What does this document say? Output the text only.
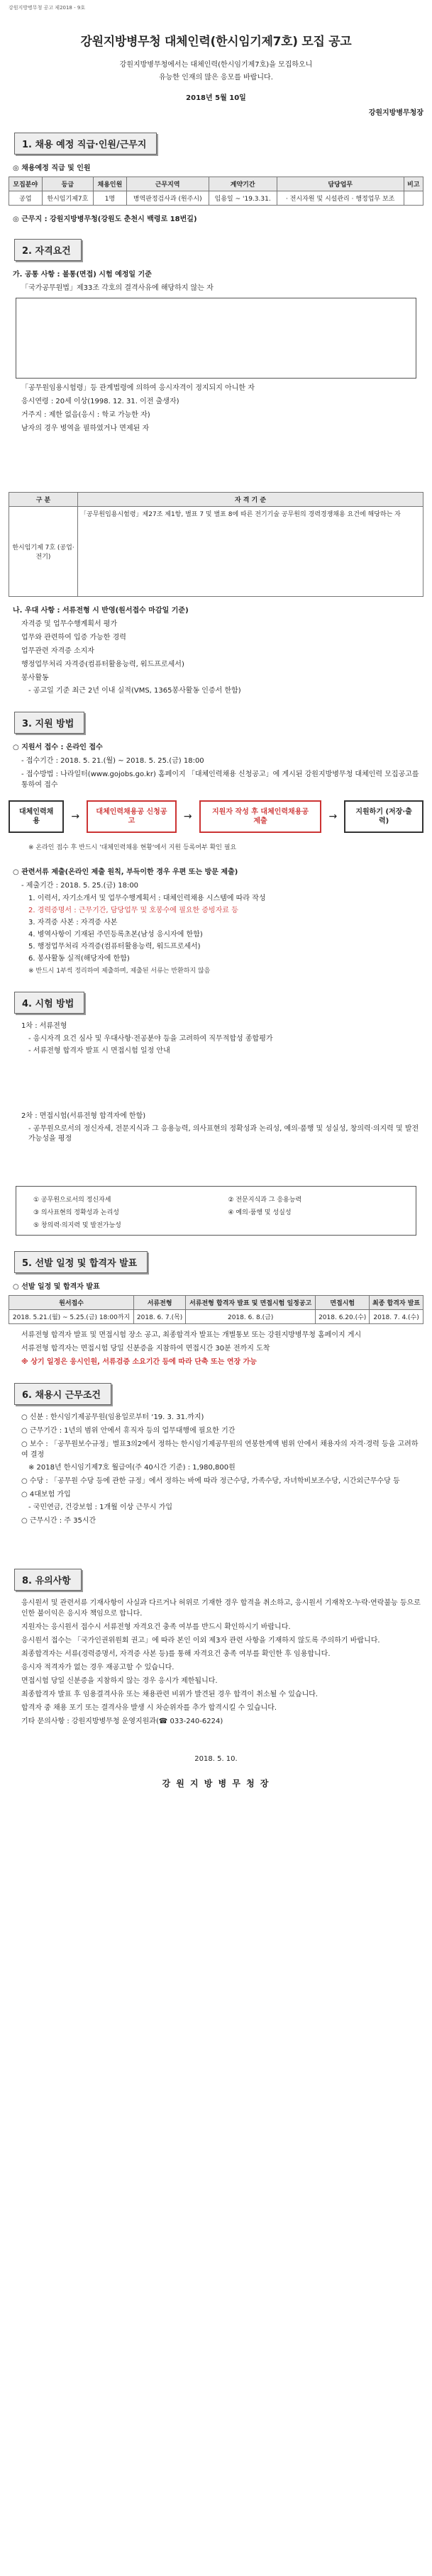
강원지방병무청 공고 제2018 - 9호
강원지방병무청 대체인력(한시임기제7호) 모집 공고
강원지방병무청에서는 대체인력(한시임기제7호)을 모집하오니
유능한 인재의 많은 응모를 바랍니다.
2018년 5월 10일
강원지방병무청장
1. 채용 예정 직급·인원/근무지
◎ 채용예정 직급 및 인원
모집분야	등급	채용인원	근무지역	계약기간	담당업무	비고
공업	한시임기제7호	1명	병역판정검사과 (원주시)	임용일 ~ '19.3.31.	· 전시자원 및 시설관리 · 행정업무 보조	
◎ 근무지 : 강원지방병무청(강원도 춘천시 백령로 18번길)
2. 자격요건
가. 공통 사항 : 볼통(면접) 시험 예정일 기준
「국가공무원법」제33조 각호의 결격사유에 해당하지 않는 자
「공무원임용시험령」등 관계법령에 의하여 응시자격이 정지되지 아니한 자
응시연령 : 20세 이상(1998. 12. 31. 이전 출생자)
거주지 : 제한 없음(응시 : 학교 가능한 자)
남자의 경우 병역을 필하였거나 면제된 자
구 분	자 격 기 준
한시임기제 7호 (공업·전기)	「공무원임용시험령」제27조 제1항, 별표 7 및 별표 8에 따른 전기기술 공무원의 경력경쟁채용 요건에 해당하는 자
나. 우대 사항 : 서류전형 시 반영(원서접수 마감일 기준)
자격증 및 업무수행계획서 평가
업무와 관련하여 입증 가능한 경력
업무관련 자격증 소지자
행정업무처리 자격증(컴퓨터활용능력, 워드프로세서)
봉사활동
- 공고일 기준 최근 2년 이내 실적(VMS, 1365봉사활동 인증서 한함)
3. 지원 방법
○ 지원서 접수 : 온라인 접수
- 접수기간 : 2018. 5. 21.(월) ~ 2018. 5. 25.(금) 18:00
- 접수방법 : 나라일터(www.gojobs.go.kr) 홈페이지 「대체인력채용 신청공고」에 게시된 강원지방병무청 대체인력 모집공고를 통하여 접수
대체인력채용	→	대체인력채용공 신청공고	→	지원자 작성 후 대체인력채용공 제출	→	지원하기 (저장·출력)
※ 온라인 접수 후 반드시 '대체인력채용 현황'에서 지원 등록여부 확인 필요
○ 관련서류 제출(온라인 제출 원칙, 부득이한 경우 우편 또는 방문 제출)
- 제출기간 : 2018. 5. 25.(금) 18:00
1. 이력서, 자기소개서 및 업무수행계획서 : 대체인력채용 시스템에 따라 작성
2. 경력증명서 : 근무기간, 담당업무 및 호봉수에 필요한 증빙자료 등
3. 자격증 사본 : 자격증 사본
4. 병역사항이 기재된 주민등록초본(남성 응시자에 한함)
5. 행정업무처리 자격증(컴퓨터활용능력, 워드프로세서)
6. 봉사활동 실적(해당자에 한함)
※ 반드시 1부씩 정리하여 제출하며, 제출된 서류는 반환하지 않음
4. 시험 방법
1차 : 서류전형
- 응시자격 요건 심사 및 우대사항·전공분야 등을 고려하여 직무적합성 종합평가
- 서류전형 합격자 발표 시 면접시험 일정 안내
2차 : 면접시험(서류전형 합격자에 한함)
- 공무원으로서의 정신자세, 전문지식과 그 응용능력, 의사표현의 정확성과 논리성, 예의·품행 및 성실성, 창의력·의지력 및 발전가능성을 평정
① 공무원으로서의 정신자세	② 전문지식과 그 응용능력
③ 의사표현의 정확성과 논리성	④ 예의·품행 및 성실성
⑤ 창의력·의지력 및 발전가능성
5. 선발 일정 및 합격자 발표
○ 선발 일정 및 합격자 발표
원서접수	서류전형	서류전형 합격자 발표 및 면접시험 일정공고	면접시험	최종 합격자 발표
2018. 5.21.(월) ~ 5.25.(금) 18:00까지	2018. 6. 7.(목)	2018. 6. 8.(금)	2018. 6.20.(수)	2018. 7. 4.(수)
서류전형 합격자 발표 및 면접시험 장소 공고, 최종합격자 발표는 개별통보 또는 강원지방병무청 홈페이지 게시
서류전형 합격자는 면접시험 당일 신분증을 지참하여 면접시간 30분 전까지 도착
※ 상기 일정은 응시인원, 서류검증 소요기간 등에 따라 단축 또는 연장 가능
6. 채용시 근무조건
○ 신분 : 한시임기제공무원(임용일로부터 ‘19. 3. 31.까지)
○ 근무기간 : 1년의 범위 안에서 휴직자 등의 업무대행에 필요한 기간
○ 보수 : 「공무원보수규정」별표3의2에서 정하는 한시임기제공무원의 연봉한계액 범위 안에서 채용자의 자격·경력 등을 고려하여 결정
※ 2018년 한시임기제7호 월급여(주 40시간 기준) : 1,980,800원
○ 수당 : 「공무원 수당 등에 관한 규정」에서 정하는 바에 따라 정근수당, 가족수당, 자녀학비보조수당, 시간외근무수당 등
○ 4대보험 가입
- 국민연금, 건강보험 : 1개월 이상 근무시 가입
○ 근무시간 : 주 35시간
8. 유의사항
응시원서 및 관련서류 기재사항이 사실과 다르거나 허위로 기재한 경우 합격을 취소하고, 응시원서 기재착오·누락·연락불능 등으로 인한 불이익은 응시자 책임으로 합니다.
지원자는 응시원서 접수시 서류전형 자격요건 충족 여부를 반드시 확인하시기 바랍니다.
응시원서 접수는 「국가인권위원회 권고」에 따라 본인 이외 제3자 관련 사항을 기재하지 않도록 주의하기 바랍니다.
최종합격자는 서류(경력증명서, 자격증 사본 등)를 통해 자격요건 충족 여부를 확인한 후 임용합니다.
응시자 적격자가 없는 경우 재공고할 수 있습니다.
면접시험 당일 신분증을 지참하지 않는 경우 응시가 제한됩니다.
최종합격자 발표 후 임용결격사유 또는 채용관련 비위가 발견된 경우 합격이 취소될 수 있습니다.
합격자 중 채용 포기 또는 결격사유 발생 시 차순위자를 추가 합격시킬 수 있습니다.
기타 문의사항 : 강원지방병무청 운영지원과(☎ 033-240-6224)
2018. 5. 10.
강 원 지 방 병 무 청 장
